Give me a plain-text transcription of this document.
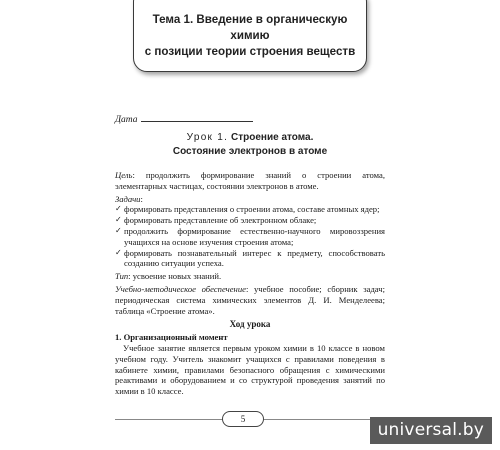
Тема 1. Введение в органическую химию
с позиции теории строения веществ
Дата
Урок 1. Строение атома.
Состояние электронов в атоме

Цель: продолжить формирование знаний о строении атома, элементарных частицах, состоянии электронов в атоме.

Задачи:

✓ формировать представления о строении атома, составе атомных ядер;
✓ формировать представление об электронном облаке;
✓ продолжить формирование естественно-научного мировоззрения учащихся на основе изучения строения атома;
✓ формировать познавательный интерес к предмету, способствовать созданию ситуации успеха.

Тип: усвоение новых знаний.

Учебно-методическое обеспечение: учебное пособие; сборник задач; периодическая система химических элементов Д. И. Менделеева; таблица «Строение атома».

Ход урока

1. Организационный момент

Учебное занятие является первым уроком химии в 10 классе в новом учебном году. Учитель знакомит учащихся с правилами поведения в кабинете химии, правилами безопасного обращения с химическими реактивами и оборудованием и со структурой проведения занятий по химии в 10 классе.

5
universal.by
